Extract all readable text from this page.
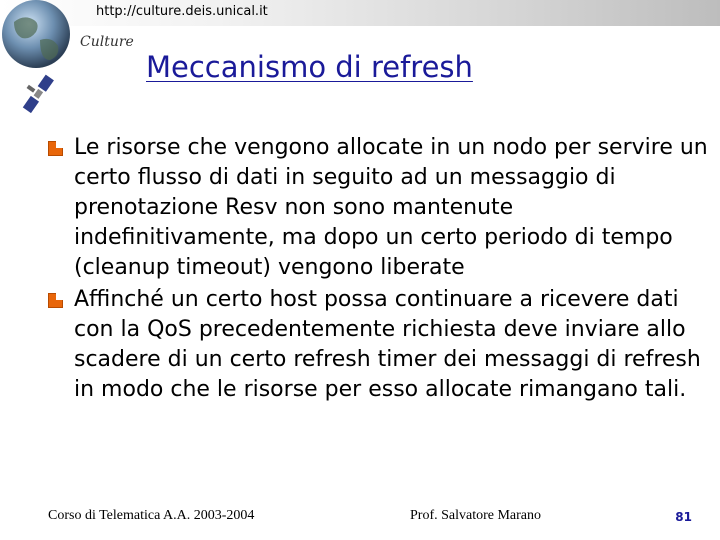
http://culture.deis.unical.it
Culture
Meccanismo di refresh
Le risorse che vengono allocate in un nodo per servire un certo flusso di dati in seguito ad un messaggio di prenotazione Resv non sono mantenute indefinitivamente, ma dopo un certo periodo di tempo (cleanup timeout) vengono liberate
Affinché un certo host possa continuare a ricevere dati con la QoS precedentemente richiesta deve inviare allo scadere di un certo refresh timer dei messaggi di refresh in modo che le risorse per esso allocate rimangano tali.
Corso di Telematica A.A. 2003-2004	Prof. Salvatore Marano	81
